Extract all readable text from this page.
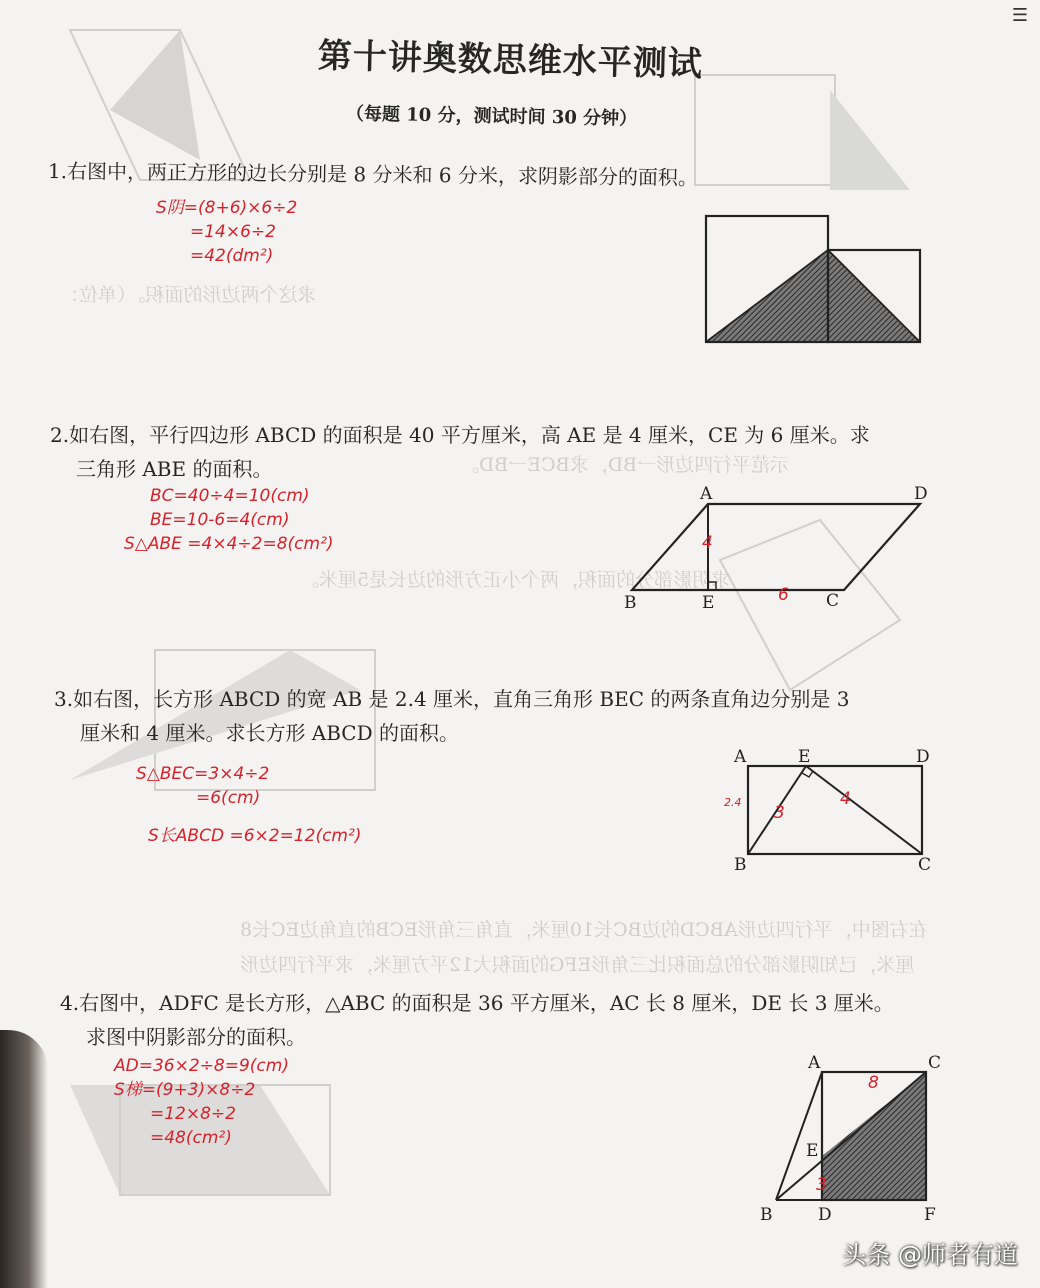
求这个两边形的面积。（单位：
示范平行四边形一BD，求BCE一BD。
求阴影部分的面积，两个小正方形的边长是5厘米。
在右图中，平行四边形ABCD的边BC长10厘米，直角三角形ECB的直角边EC长8
厘米，已知阴影部分的总面积比三角形EFG的面积大12平方厘米，求平行四边形
☰
第十讲奥数思维水平测试
（每题 10 分，测试时间 30 分钟）
1.右图中，两正方形的边长分别是 8 分米和 6 分米，求阴影部分的面积。
S阴=(8+6)×6÷2
=14×6÷2
=42(dm²)
2.如右图，平行四边形 ABCD 的面积是 40 平方厘米，高 AE 是 4 厘米，CE 为 6 厘米。求
三角形 ABE 的面积。
BC=40÷4=10(cm)
BE=10-6=4(cm)
S△ABE =4×4÷2=8(cm²)
A	D
B	E	C
4
6
3.如右图，长方形 ABCD 的宽 AB 是 2.4 厘米，直角三角形 BEC 的两条直角边分别是 3
厘米和 4 厘米。求长方形 ABCD 的面积。
S△BEC=3×4÷2
=6(cm)
S长ABCD =6×2=12(cm²)
A	E	D
B	C
2.4
3
4
4.右图中，ADFC 是长方形，△ABC 的面积是 36 平方厘米，AC 长 8 厘米，DE 长 3 厘米。
求图中阴影部分的面积。
AD=36×2÷8=9(cm)
S梯=(9+3)×8÷2
=12×8÷2
=48(cm²)
A	C
E
B	D	F
8
3
头条 @师者有道
